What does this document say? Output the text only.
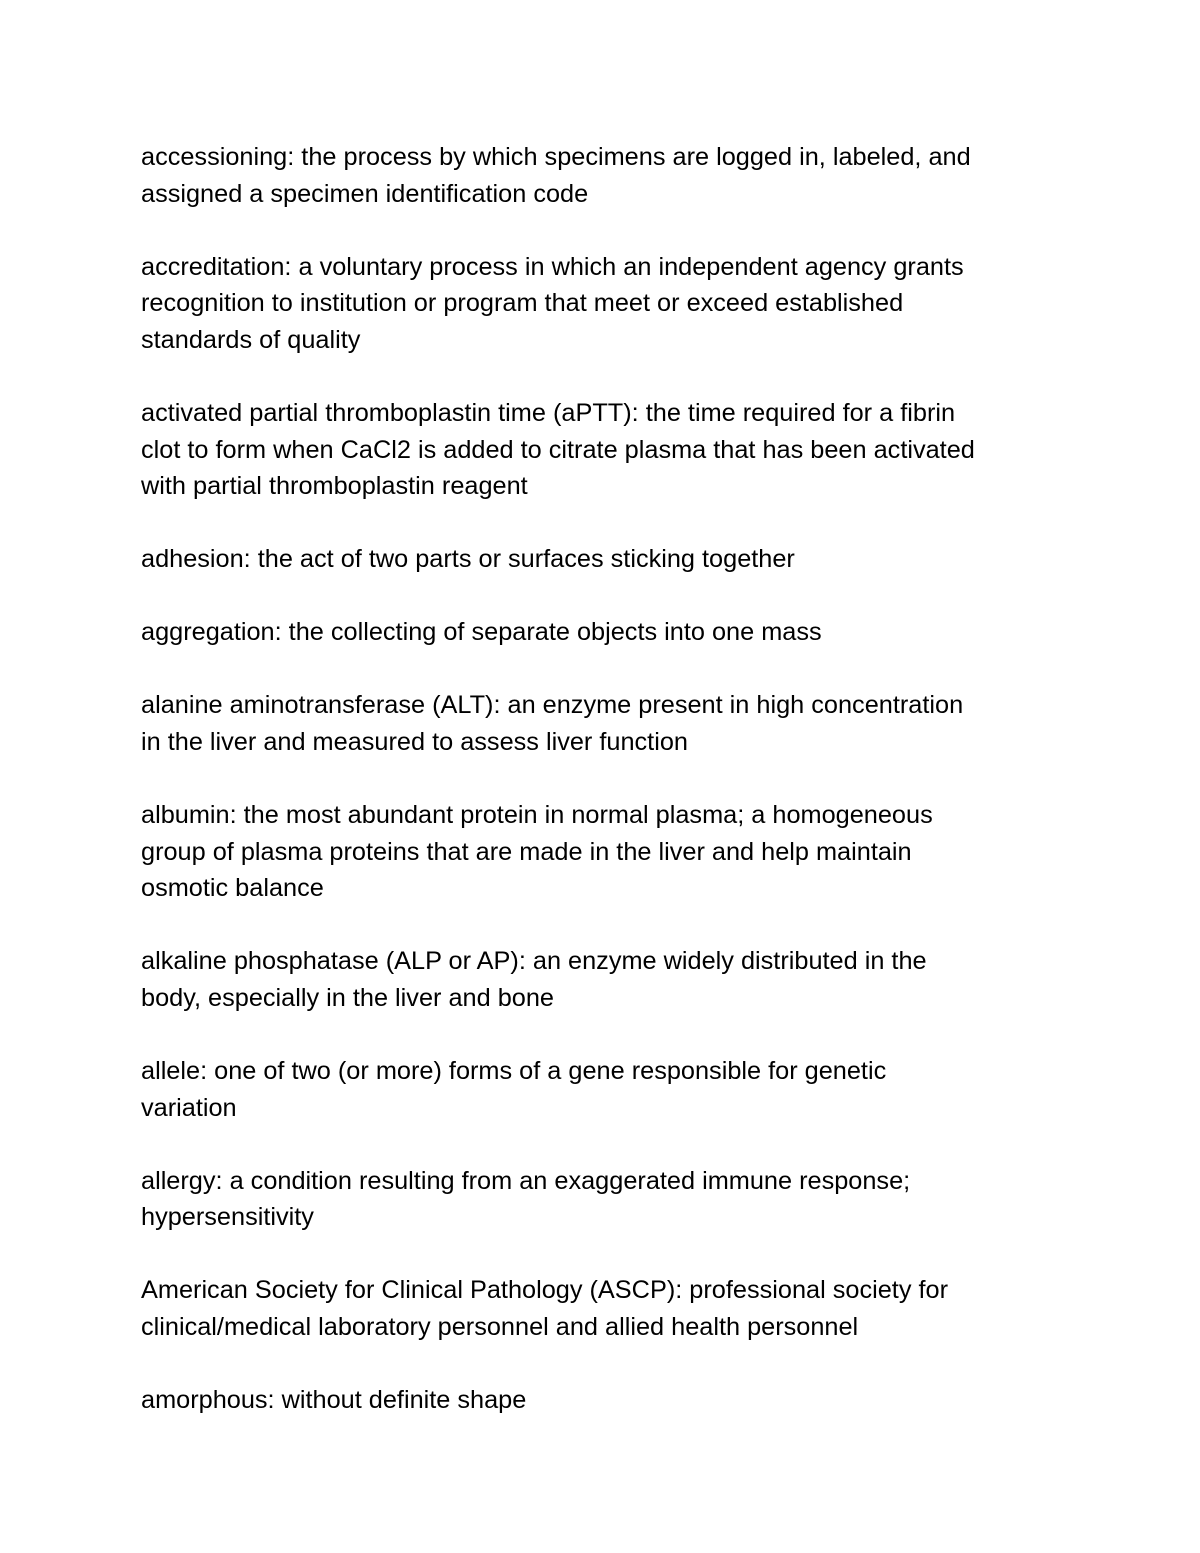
accessioning: the process by which specimens are logged in, labeled, and
assigned a specimen identification code
accreditation: a voluntary process in which an independent agency grants
recognition to institution or program that meet or exceed established
standards of quality
activated partial thromboplastin time (aPTT): the time required for a fibrin
clot to form when CaCl2 is added to citrate plasma that has been activated
with partial thromboplastin reagent
adhesion: the act of two parts or surfaces sticking together
aggregation: the collecting of separate objects into one mass
alanine aminotransferase (ALT): an enzyme present in high concentration
in the liver and measured to assess liver function
albumin: the most abundant protein in normal plasma; a homogeneous
group of plasma proteins that are made in the liver and help maintain
osmotic balance
alkaline phosphatase (ALP or AP): an enzyme widely distributed in the
body, especially in the liver and bone
allele: one of two (or more) forms of a gene responsible for genetic
variation
allergy: a condition resulting from an exaggerated immune response;
hypersensitivity
American Society for Clinical Pathology (ASCP): professional society for
clinical/medical laboratory personnel and allied health personnel
amorphous: without definite shape
